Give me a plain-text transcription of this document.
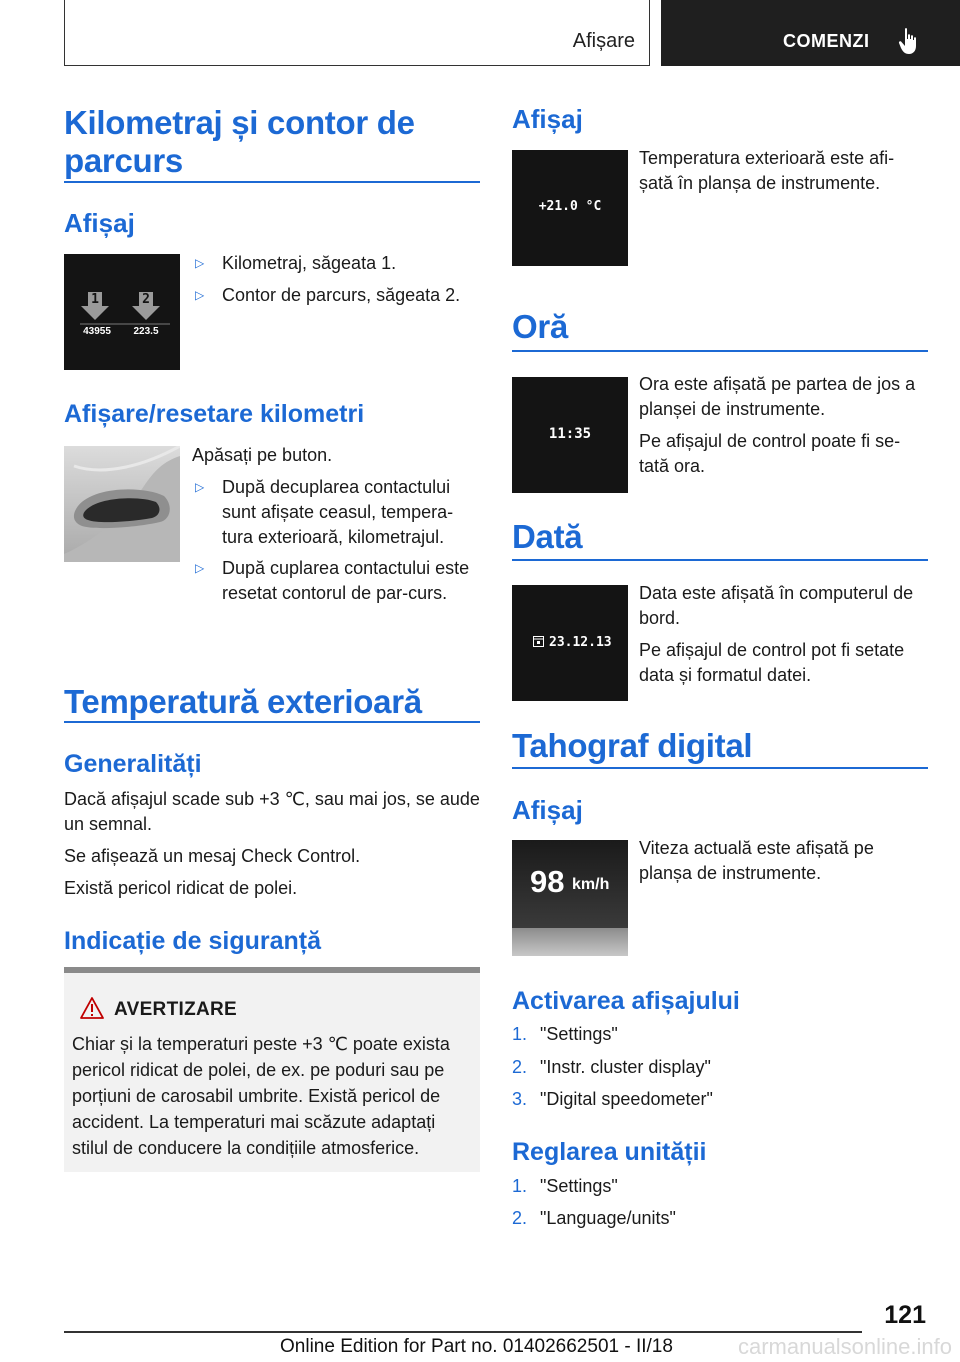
Afișare	COMENZI
Kilometraj și contor de parcurs
Afișaj
1	2
43955	223.5
▷ Kilometraj, săgeata 1.
▷ Contor de parcurs, săgeata 2.
Afișare/resetare kilometri
Apăsați pe buton.
▷ După decuplarea contactului sunt afișate ceasul, tempera-tura exterioară, kilometrajul.
▷ După cuplarea contactului este resetat contorul de par-curs.
Temperatură exterioară
Generalități
Dacă afișajul scade sub +3 ℃, sau mai jos, se aude un semnal.
Se afișează un mesaj Check Control.
Există pericol ridicat de polei.
Indicație de siguranță
AVERTIZARE
Chiar și la temperaturi peste +3 ℃ poate exista pericol ridicat de polei, de ex. pe poduri sau pe porțiuni de carosabil umbrite. Există pericol de accident. La temperaturi mai scăzute adaptați stilul de conducere la condițiile atmosferice.
Afișaj
+21.0 °C
Temperatura exterioară este afi-șată în planșa de instrumente.
Oră
11:35
Ora este afișată pe partea de jos a planșei de instrumente.
Pe afișajul de control poate fi se-tată ora.
Dată
23.12.13
Data este afișată în computerul de bord.
Pe afișajul de control pot fi setate data și formatul datei.
Tahograf digital
Afișaj
98 km/h
Viteza actuală este afișată pe planșa de instrumente.
Activarea afișajului
1. "Settings"
2. "Instr. cluster display"
3. "Digital speedometer"
Reglarea unității
1. "Settings"
2. "Language/units"
121
Online Edition for Part no. 01402662501 - II/18	carmanualsonline.info
